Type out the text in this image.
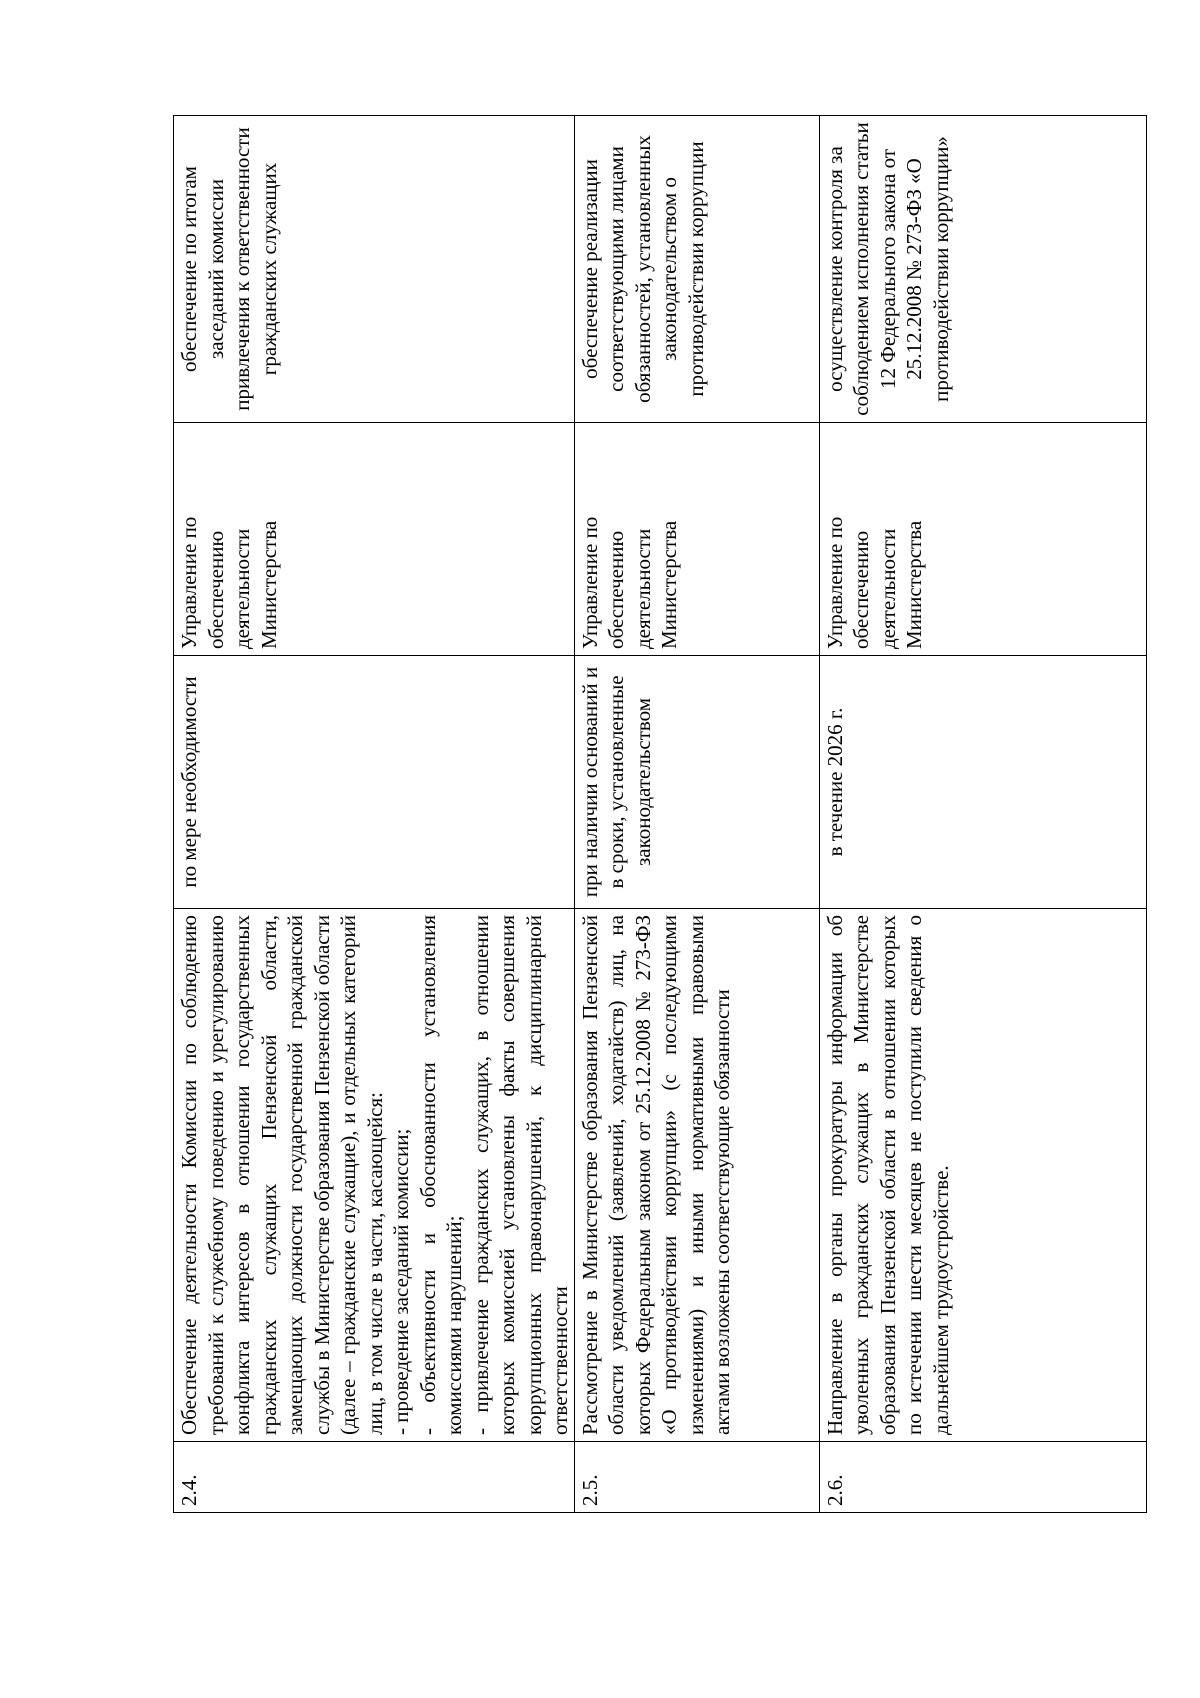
2.4.	Обеспечение деятельности Комиссии по соблюдению требований к служебному поведению и урегулированию конфликта интересов в отношении государственных гражданских служащих Пензенской области, замещающих должности государственной гражданской службы в Министерстве образования Пензенской области (далее – гражданские служащие), и отдельных категорий лиц, в том числе в части, касающейся: - проведение заседаний комиссии; - объективности и обоснованности установления комиссиями нарушений; - привлечение гражданских служащих, в отношении которых комиссией установлены факты совершения коррупционных правонарушений, к дисциплинарной ответственности	по мере необходимости	Управление по обеспечению деятельности Министерства	обеспечение по итогам заседаний комиссии привлечения к ответственности гражданских служащих
2.5.	Рассмотрение в Министерстве образования Пензенской области уведомлений (заявлений, ходатайств) лиц, на которых Федеральным законом от 25.12.2008 № 273-ФЗ «О противодействии коррупции» (с последующими изменениями) и иными нормативными правовыми актами возложены соответствующие обязанности	при наличии оснований и в сроки, установленные законодательством	Управление по обеспечению деятельности Министерства	обеспечение реализации соответствующими лицами обязанностей, установленных законодательством о противодействии коррупции
2.6.	Направление в органы прокуратуры информации об уволенных гражданских служащих в Министерстве образования Пензенской области в отношении которых по истечении шести месяцев не поступили сведения о дальнейшем трудоустройстве.	в течение 2026 г.	Управление по обеспечению деятельности Министерства	осуществление контроля за соблюдением исполнения статьи 12 Федерального закона от 25.12.2008 № 273-ФЗ «О противодействии коррупции»
